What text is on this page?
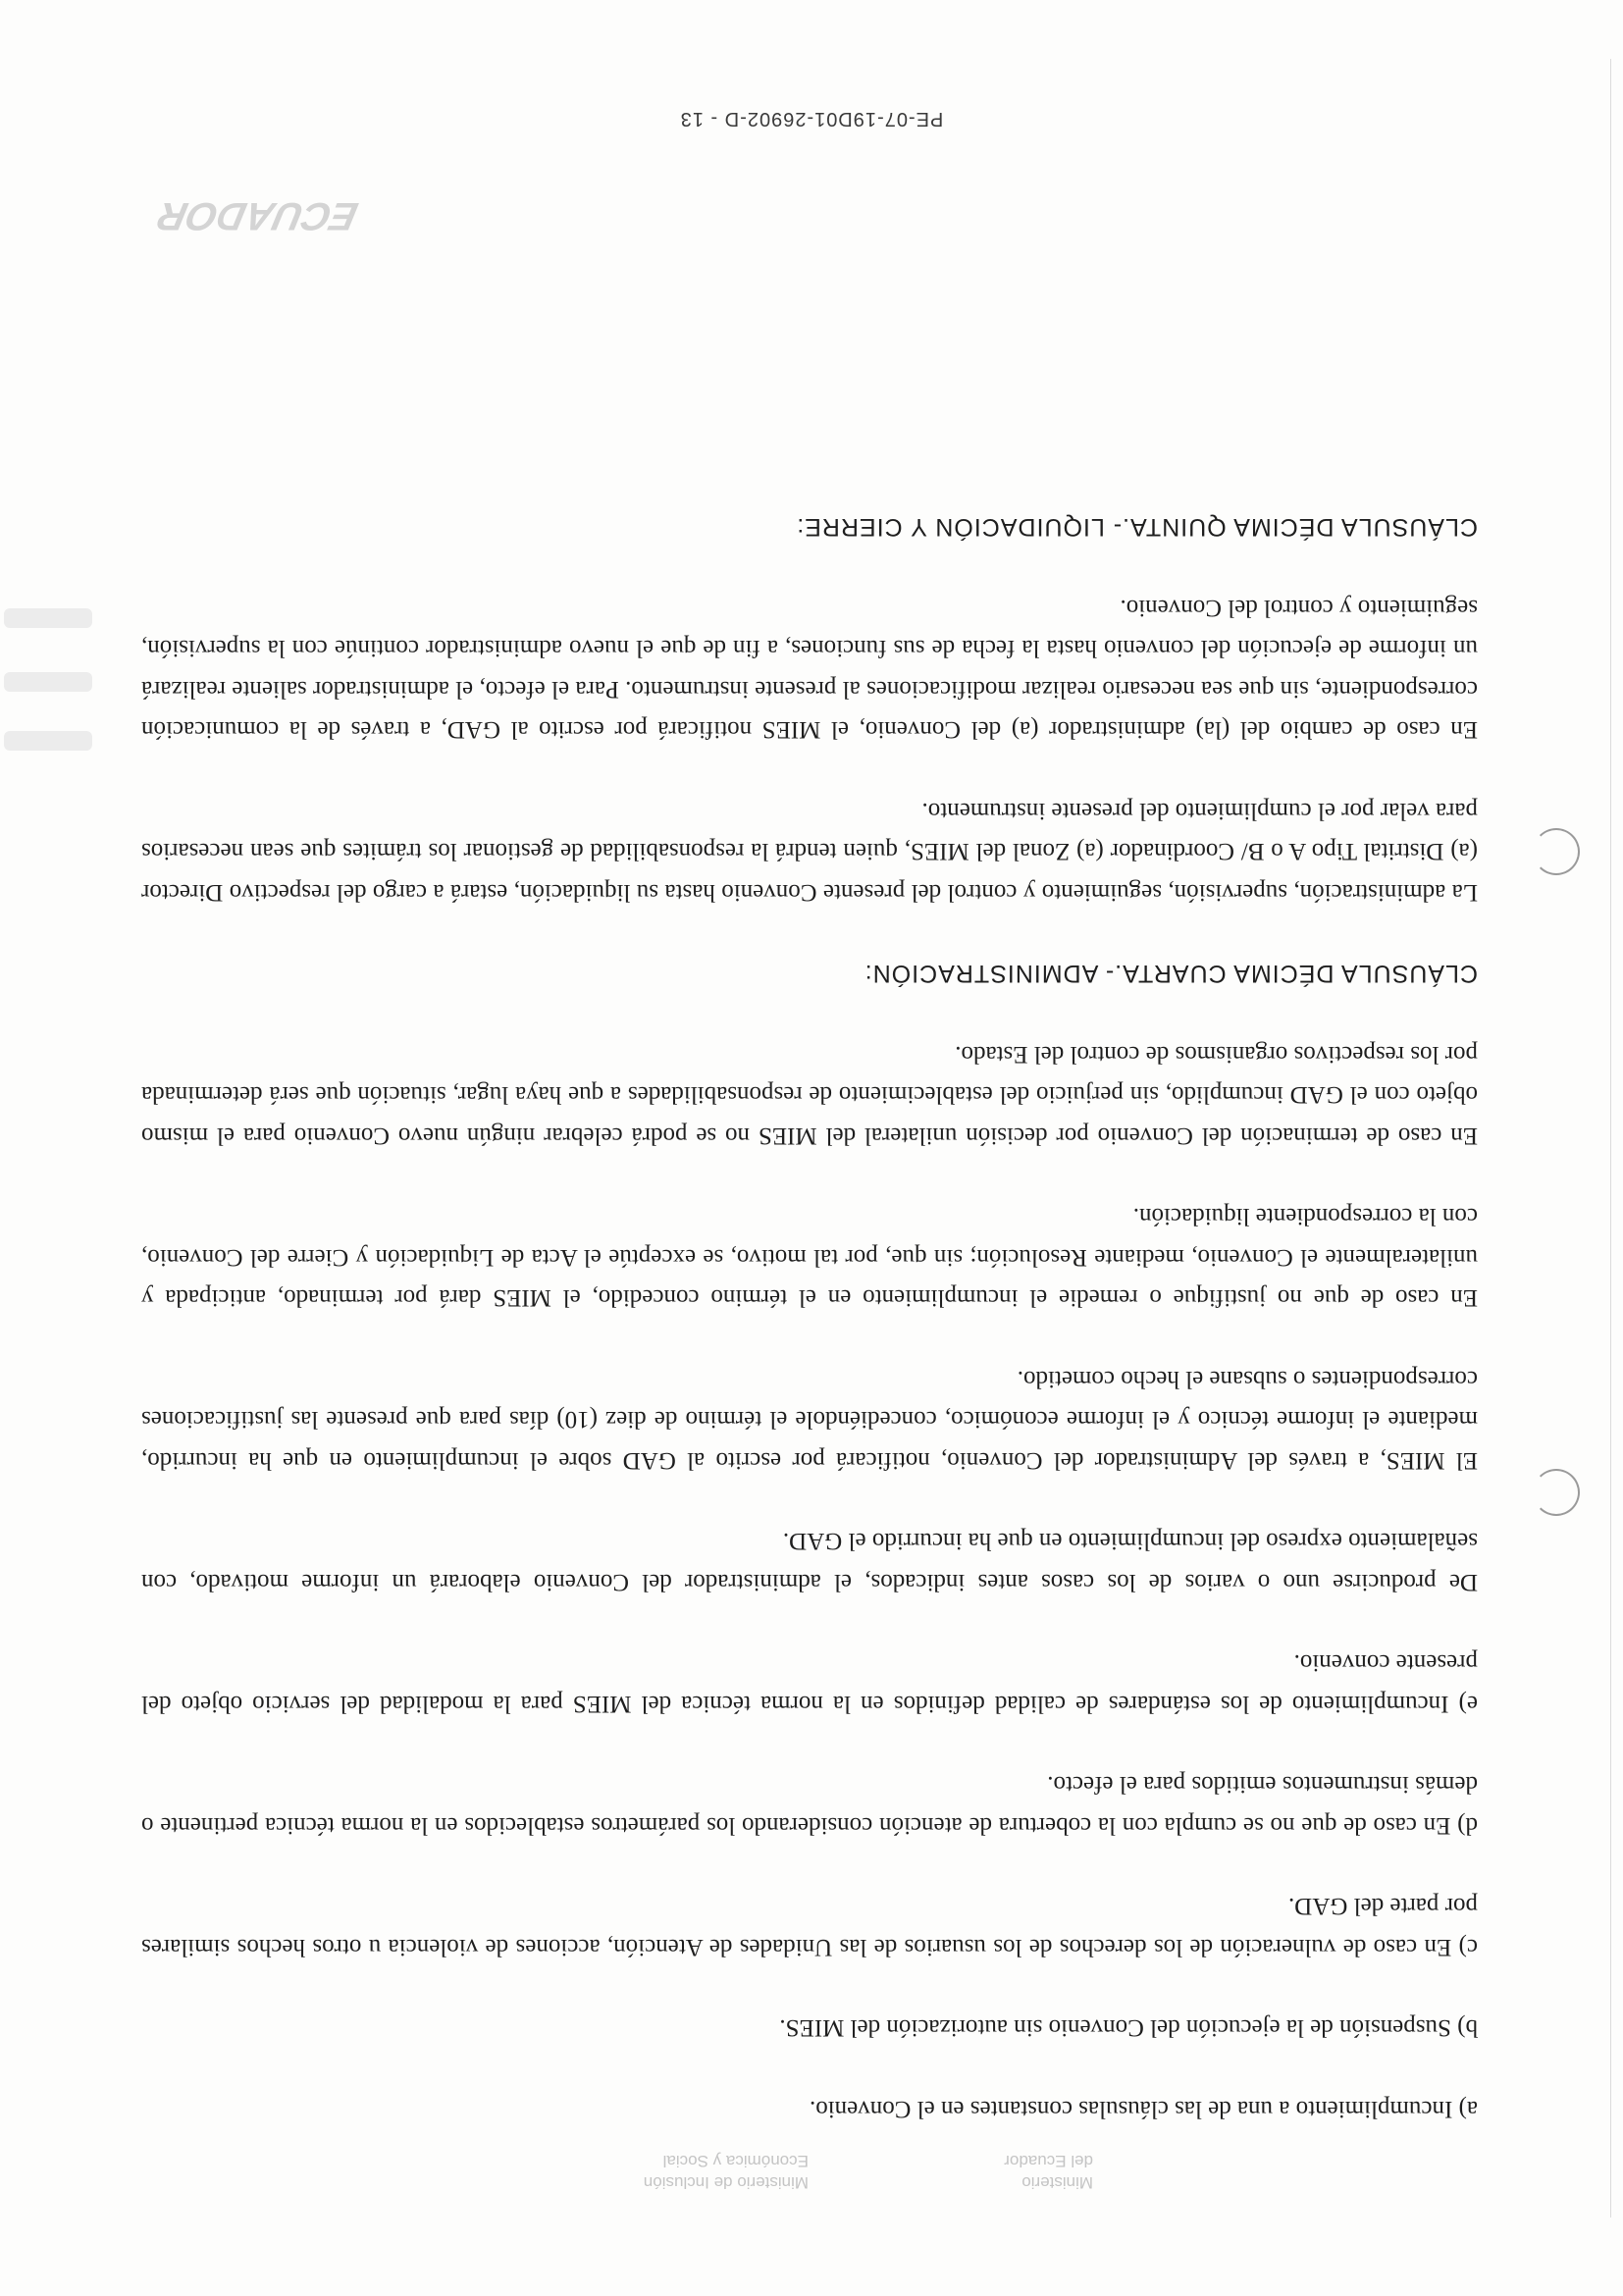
Ministerio
del Ecuador
Ministerio de Inclusión
Económica y Social

a) Incumplimiento a una de las cláusulas constantes en el Convenio.

b) Suspensión de la ejecución del Convenio sin autorización del MIES.

c) En caso de vulneración de los derechos de los usuarios de las Unidades de Atención, acciones de violencia u otros hechos similares por parte del GAD.

d) En caso de que no se cumpla con la cobertura de atención considerando los parámetros establecidos en la norma técnica pertinente o demás instrumentos emitidos para el efecto.

e) Incumplimiento de los estándares de calidad definidos en la norma técnica del MIES para la modalidad del servicio objeto del presente convenio.

De producirse uno o varios de los casos antes indicados, el administrador del Convenio elaborará un informe motivado, con señalamiento expreso del incumplimiento en que ha incurrido el GAD.

El MIES, a través del Administrador del Convenio, notificará por escrito al GAD sobre el incumplimiento en que ha incurrido, mediante el informe técnico y el informe económico, concediéndole el término de diez (10) días para que presente las justificaciones correspondientes o subsane el hecho cometido.

En caso de que no justifique o remedie el incumplimiento en el término concedido, el MIES dará por terminado, anticipada y unilateralmente el Convenio, mediante Resolución; sin que, por tal motivo, se exceptúe el Acta de Liquidación y Cierre del Convenio, con la correspondiente liquidación.

En caso de terminación del Convenio por decisión unilateral del MIES no se podrá celebrar ningún nuevo Convenio para el mismo objeto con el GAD incumplido, sin perjuicio del establecimiento de responsabilidades a que haya lugar, situación que será determinada por los respectivos organismos de control del Estado.

CLÁUSULA DÉCIMA CUARTA.- ADMINISTRACIÓN:

La administración, supervisión, seguimiento y control del presente Convenio hasta su liquidación, estará a cargo del respectivo Director (a) Distrital Tipo A o B/ Coordinador (a) Zonal del MIES, quien tendrá la responsabilidad de gestionar los trámites que sean necesarios para velar por el cumplimiento del presente instrumento.

En caso de cambio del (la) administrador (a) del Convenio, el MIES notificará por escrito al GAD, a través de la comunicación correspondiente, sin que sea necesario realizar modificaciones al presente instrumento. Para el efecto, el administrador saliente realizará un informe de ejecución del convenio hasta la fecha de sus funciones, a fin de que el nuevo administrador continúe con la supervisión, seguimiento y control del Convenio.

CLÁUSULA DÉCIMA QUINTA.- LIQUIDACIÓN Y CIERRE:
ECUADOR
PE-07-19D01-26902-D - 13
